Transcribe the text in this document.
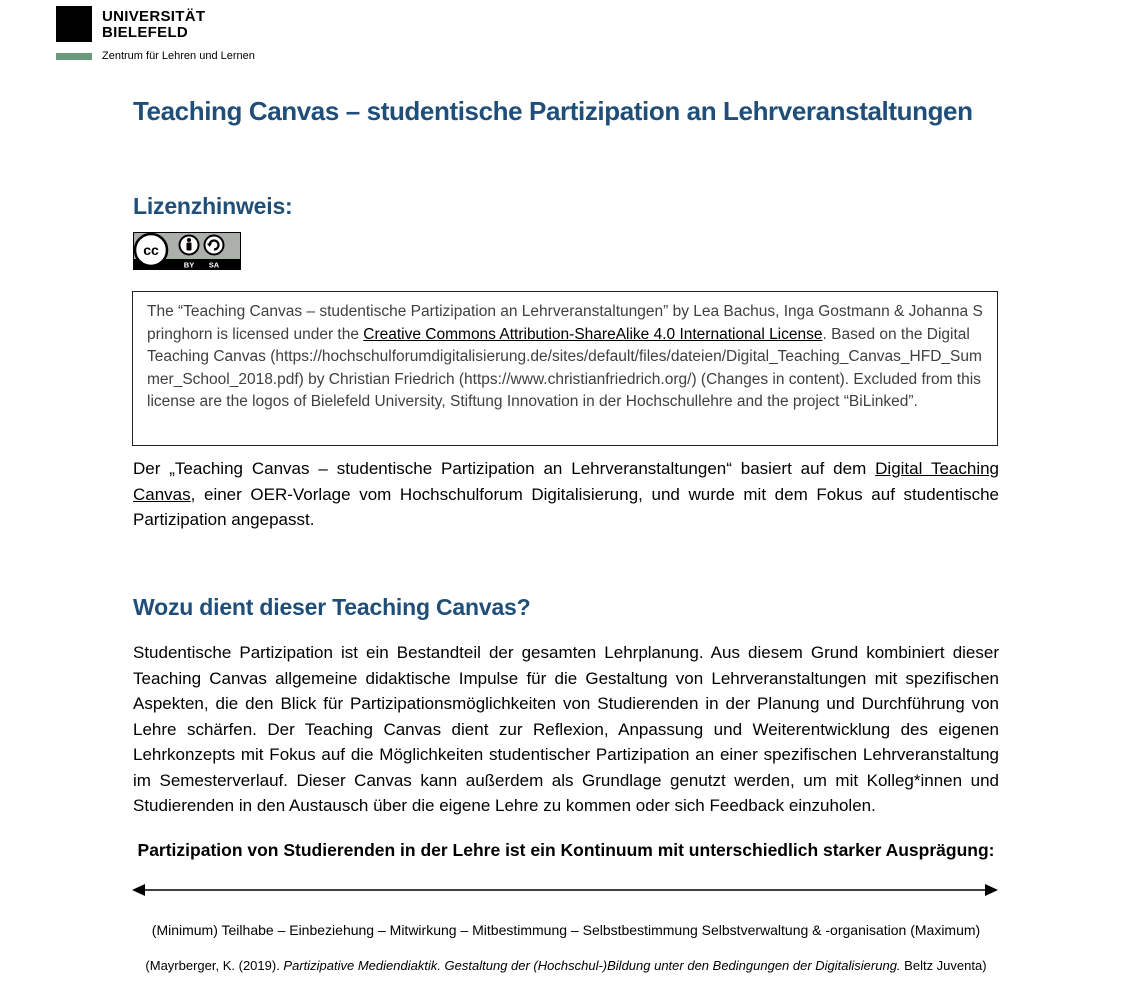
UNIVERSITÄT
BIELEFELD
Zentrum für Lehren und Lernen
Teaching Canvas – studentische Partizipation an Lehrveranstaltungen
Lizenzhinweis:
cc
BY SA
The “Teaching Canvas – studentische Partizipation an Lehrveranstaltungen” by Lea Bachus, Inga Gostmann & Johanna Springhorn is licensed under the Creative Commons Attribution-ShareAlike 4.0 International License. Based on the Digital Teaching Canvas (https://hochschulforumdigitalisierung.de/sites/default/files/dateien/Digital_Teaching_Canvas_HFD_Summer_School_2018.pdf) by Christian Friedrich (https://www.christianfriedrich.org/) (Changes in content). Excluded from this license are the logos of Bielefeld University, Stiftung Innovation in der Hochschullehre and the project “BiLinked”.

Der „Teaching Canvas – studentische Partizipation an Lehrveranstaltungen“ basiert auf dem Digital Teaching Canvas, einer OER-Vorlage vom Hochschulforum Digitalisierung, und wurde mit dem Fokus auf studentische Partizipation angepasst.

Wozu dient dieser Teaching Canvas?

Studentische Partizipation ist ein Bestandteil der gesamten Lehrplanung. Aus diesem Grund kombiniert dieser Teaching Canvas allgemeine didaktische Impulse für die Gestaltung von Lehrveranstaltungen mit spezifischen Aspekten, die den Blick für Partizipationsmöglichkeiten von Studierenden in der Planung und Durchführung von Lehre schärfen. Der Teaching Canvas dient zur Reflexion, Anpassung und Weiterentwicklung des eigenen Lehrkonzepts mit Fokus auf die Möglichkeiten studentischer Partizipation an einer spezifischen Lehrveranstaltung im Semesterverlauf. Dieser Canvas kann außerdem als Grundlage genutzt werden, um mit Kolleg*innen und Studierenden in den Austausch über die eigene Lehre zu kommen oder sich Feedback einzuholen.

Partizipation von Studierenden in der Lehre ist ein Kontinuum mit unterschiedlich starker Ausprägung:

(Minimum) Teilhabe – Einbeziehung – Mitwirkung – Mitbestimmung – Selbstbestimmung Selbstverwaltung & -organisation (Maximum)
(Mayrberger, K. (2019). Partizipative Mediendiaktik. Gestaltung der (Hochschul-)Bildung unter den Bedingungen der Digitalisierung. Beltz Juventa)
